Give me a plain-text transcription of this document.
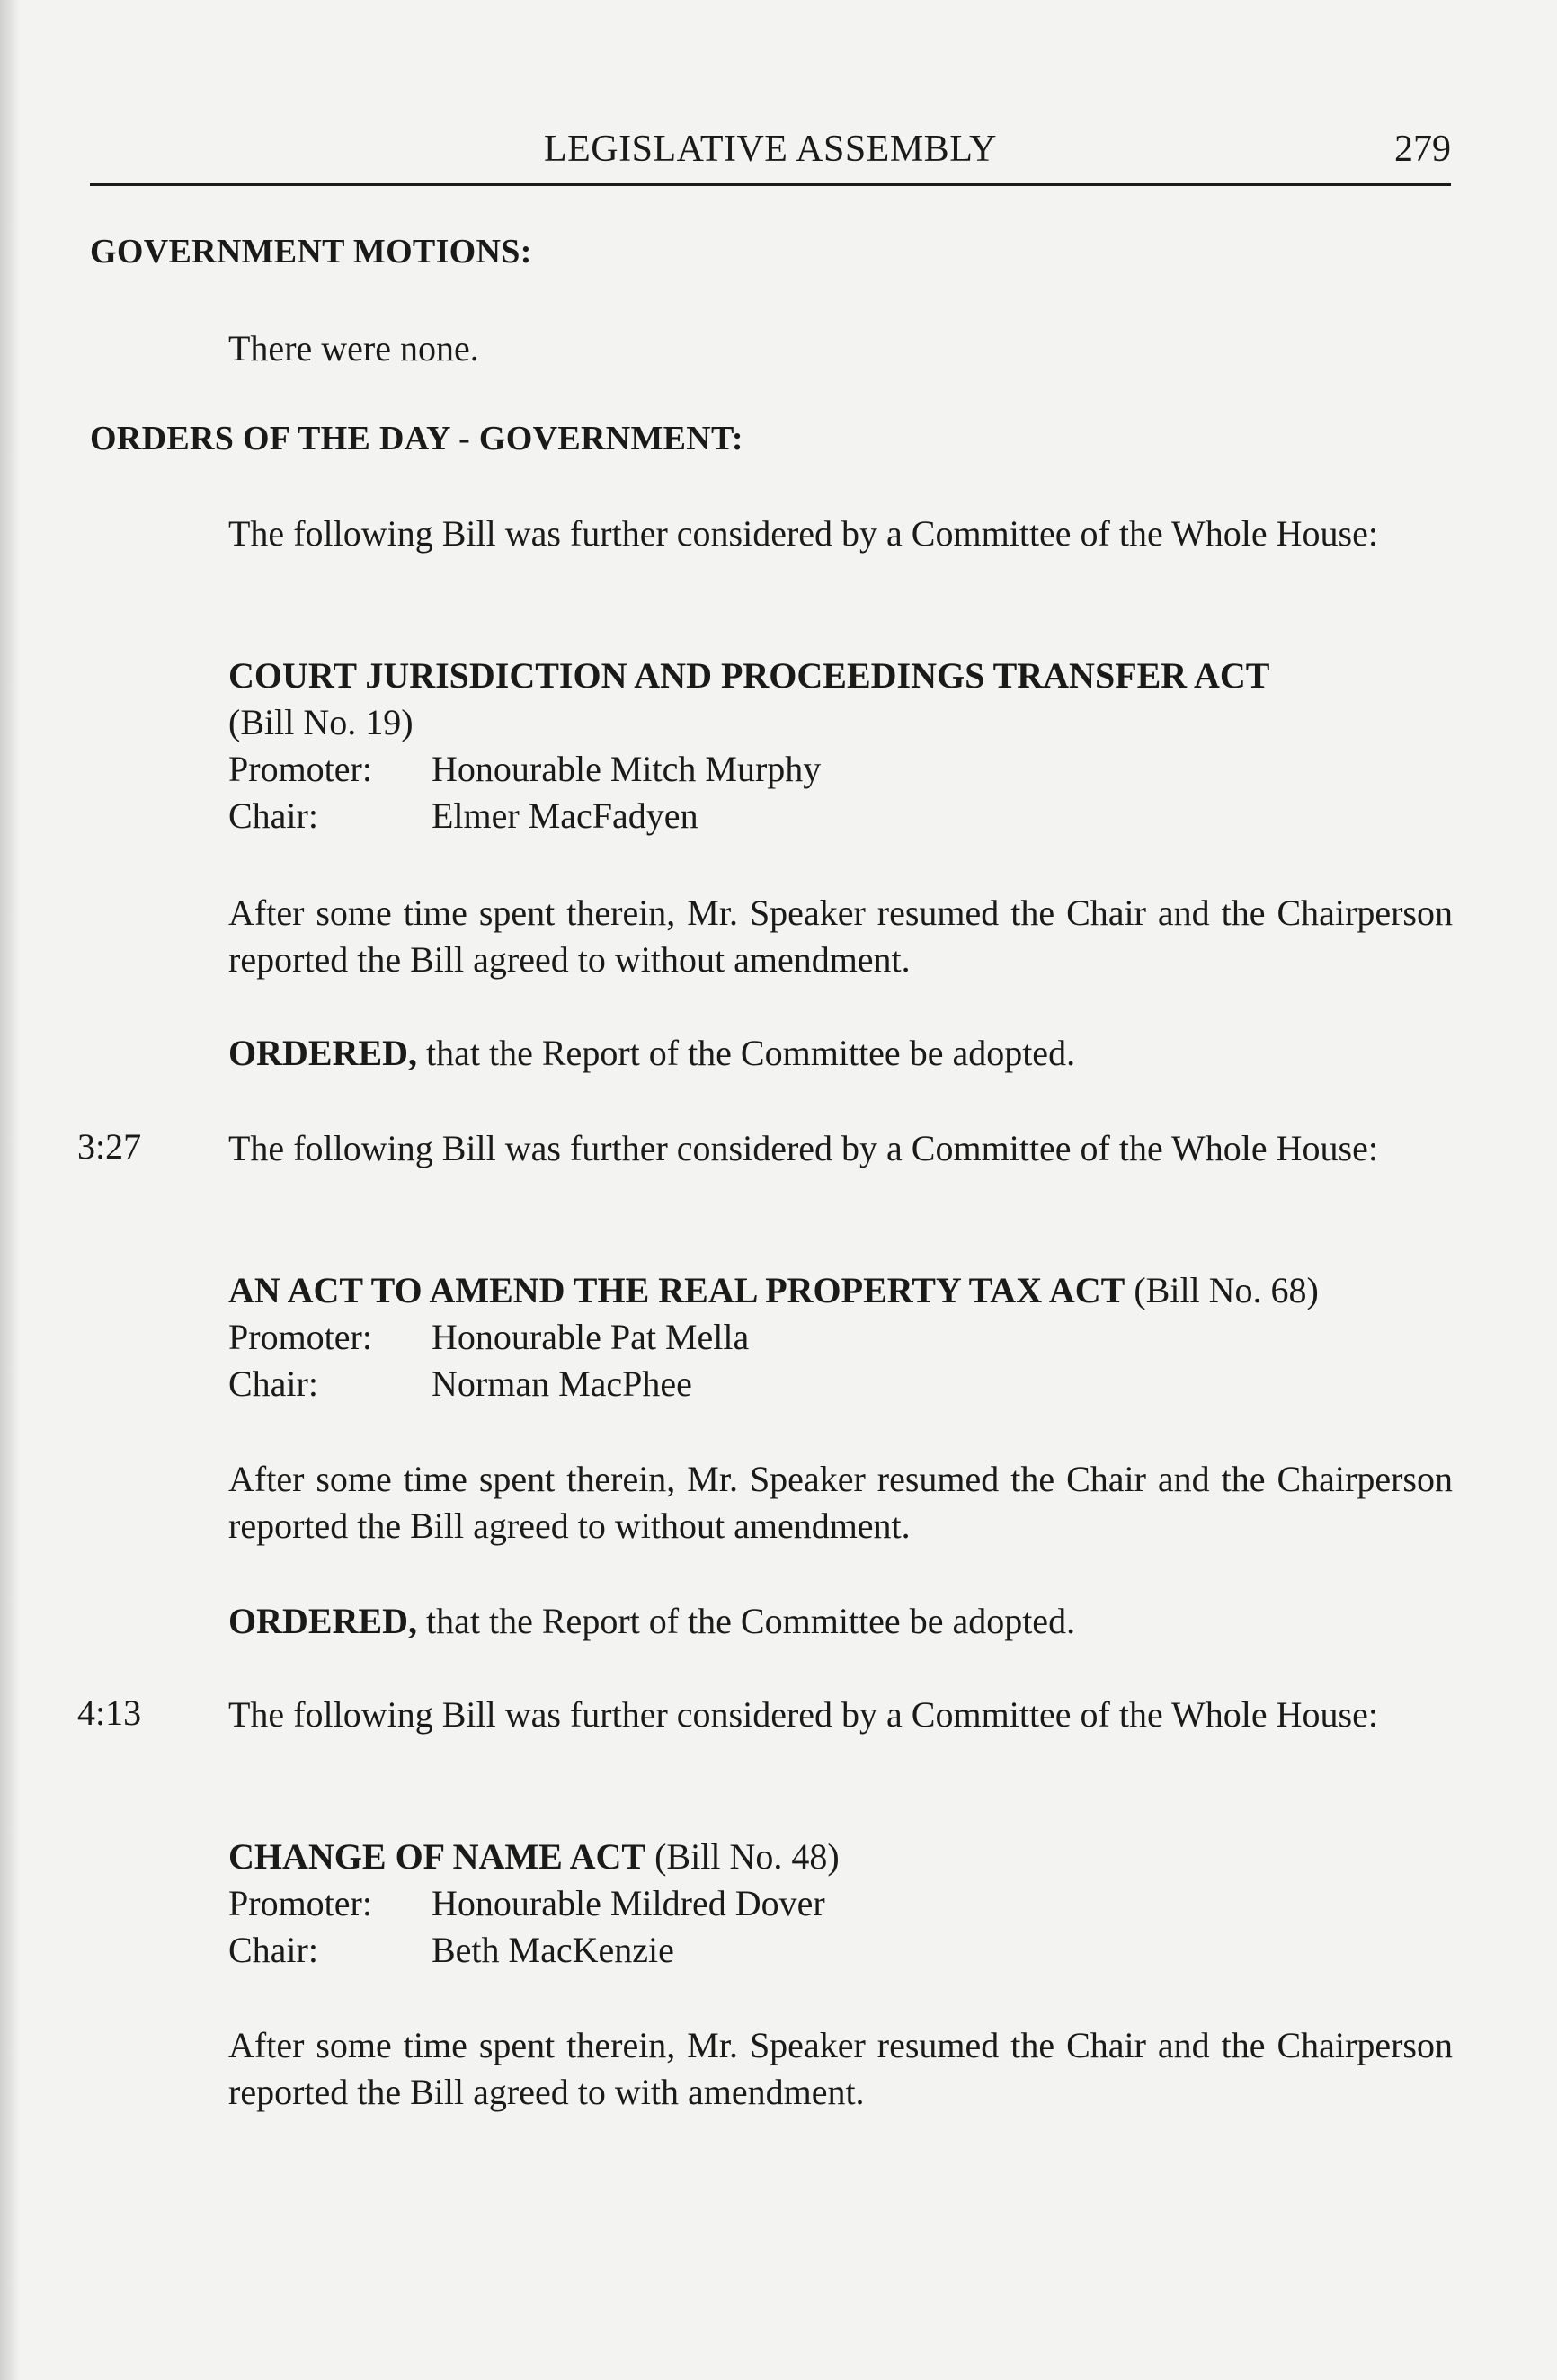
LEGISLATIVE ASSEMBLY	279
GOVERNMENT MOTIONS:
There were none.
ORDERS OF THE DAY - GOVERNMENT:
The following Bill was further considered by a Committee of the Whole House:
COURT JURISDICTION AND PROCEEDINGS TRANSFER ACT
(Bill No. 19)
Promoter: Honourable Mitch Murphy
Chair:	Elmer MacFadyen
After some time spent therein, Mr. Speaker resumed the Chair and the Chairperson reported the Bill agreed to without amendment.
ORDERED, that the Report of the Committee be adopted.
3:27 The following Bill was further considered by a Committee of the Whole House:
AN ACT TO AMEND THE REAL PROPERTY TAX ACT (Bill No. 68)
Promoter: Honourable Pat Mella
Chair:	Norman MacPhee
After some time spent therein, Mr. Speaker resumed the Chair and the Chairperson reported the Bill agreed to without amendment.
ORDERED, that the Report of the Committee be adopted.
4:13 The following Bill was further considered by a Committee of the Whole House:
CHANGE OF NAME ACT (Bill No. 48)
Promoter: Honourable Mildred Dover
Chair:	Beth MacKenzie
After some time spent therein, Mr. Speaker resumed the Chair and the Chairperson reported the Bill agreed to with amendment.
